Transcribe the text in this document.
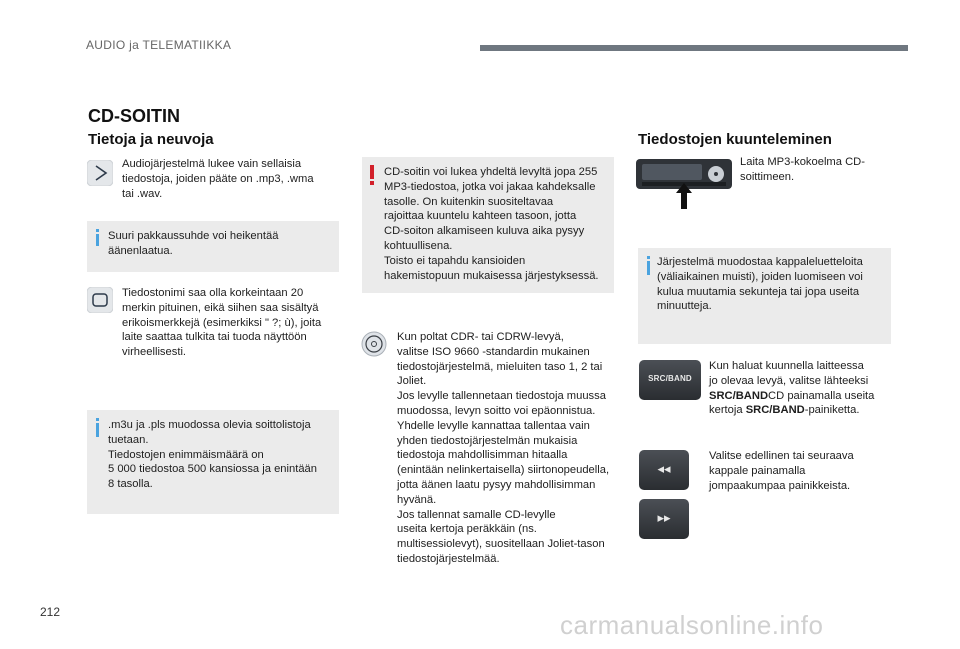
AUDIO ja TELEMATIIKKA
CD-SOITIN
Tietoja ja neuvoja
Audiojärjestelmä lukee vain sellaisia
tiedostoja, joiden pääte on .mp3, .wma
tai .wav.
Suuri pakkaussuhde voi heikentää
äänenlaatua.
Tiedostonimi saa olla korkeintaan 20
merkin pituinen, eikä siihen saa sisältyä
erikoismerkkejä (esimerkiksi " ?; ù), joita
laite saattaa tulkita tai tuoda näyttöön
virheellisesti.
.m3u ja .pls muodossa olevia soittolistoja
tuetaan.
Tiedostojen enimmäismäärä on
5 000 tiedostoa 500 kansiossa ja enintään
8 tasolla.
CD-soitin voi lukea yhdeltä levyltä jopa 255
MP3-tiedostoa, jotka voi jakaa kahdeksalle
tasolle. On kuitenkin suositeltavaa
rajoittaa kuuntelu kahteen tasoon, jotta
CD-soiton alkamiseen kuluva aika pysyy
kohtuullisena.
Toisto ei tapahdu kansioiden
hakemistopuun mukaisessa järjestyksessä.
Kun poltat CDR- tai CDRW-levyä,
valitse ISO 9660 -standardin mukainen
tiedostojärjestelmä, mieluiten taso 1, 2 tai
Joliet.
Jos levylle tallennetaan tiedostoja muussa
muodossa, levyn soitto voi epäonnistua.
Yhdelle levylle kannattaa tallentaa vain
yhden tiedostojärjestelmän mukaisia
tiedostoja mahdollisimman hitaalla
(enintään nelinkertaisella) siirtonopeudella,
jotta äänen laatu pysyy mahdollisimman
hyvänä.
Jos tallennat samalle CD-levylle
useita kertoja peräkkäin (ns.
multisessiolevyt), suositellaan Joliet-tason
tiedostojärjestelmää.
Tiedostojen kuunteleminen
Laita MP3-kokoelma CD-
soittimeen.
Järjestelmä muodostaa kappaleluetteloita
(väliaikainen muisti), joiden luomiseen voi
kulua muutamia sekunteja tai jopa useita
minuutteja.
SRC/BAND
Kun haluat kuunnella laitteessa
jo olevaa levyä, valitse lähteeksi
SRC/BANDCD painamalla useita
kertoja SRC/BAND-painiketta.
◂◂
▸▸
Valitse edellinen tai seuraava
kappale painamalla
jompaakumpaa painikkeista.
212	carmanualsonline.info
